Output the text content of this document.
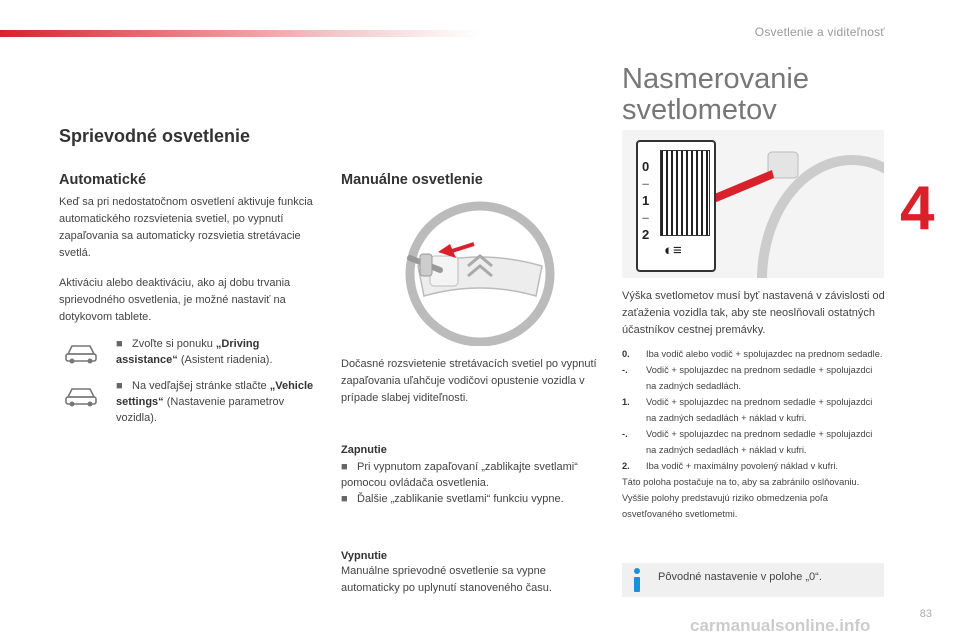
Osvetlenie a viditeľnosť
4
Sprievodné osvetlenie
Automatické
Keď sa pri nedostatočnom osvetlení aktivuje funkcia automatického rozsvietenia svetiel, po vypnutí zapaľovania sa automaticky rozsvietia stretávacie svetlá.
Aktiváciu alebo deaktiváciu, ako aj dobu trvania sprievodného osvetlenia, je možné nastaviť na dotykovom tablete.
■ Zvoľte si ponuku „Driving assistance“ (Asistent riadenia).
■ Na vedľajšej stránke stlačte „Vehicle settings“ (Nastavenie parametrov vozidla).
Manuálne osvetlenie
Dočasné rozsvietenie stretávacích svetiel po vypnutí zapaľovania uľahčuje vodičovi opustenie vozidla v prípade slabej viditeľnosti.
Zapnutie
■ Pri vypnutom zapaľovaní „zablikajte svetlami“ pomocou ovládača osvetlenia.
■ Ďalšie „zablikanie svetlami“ funkciu vypne.
Vypnutie
Manuálne sprievodné osvetlenie sa vypne automaticky po uplynutí stanoveného času.
Nasmerovanie svetlometov
0
–
1
–
2
◐≡
Výška svetlometov musí byť nastavená v závislosti od zaťaženia vozidla tak, aby ste neoslňovali ostatných účastníkov cestnej premávky.
0.	Iba vodič alebo vodič + spolujazdec na prednom sedadle.
-.	Vodič + spolujazdec na prednom sedadle + spolujazdci na zadných sedadlách.
1.	Vodič + spolujazdec na prednom sedadle + spolujazdci na zadných sedadlách + náklad v kufri.
-.	Vodič + spolujazdec na prednom sedadle + spolujazdci na zadných sedadlách + náklad v kufri.
2.	Iba vodič + maximálny povolený náklad v kufri.
Táto poloha postačuje na to, aby sa zabránilo oslňovaniu.
Vyššie polohy predstavujú riziko obmedzenia poľa osvetľovaného svetlometmi.
Pôvodné nastavenie v polohe „0“.
83
carmanualsonline.info
